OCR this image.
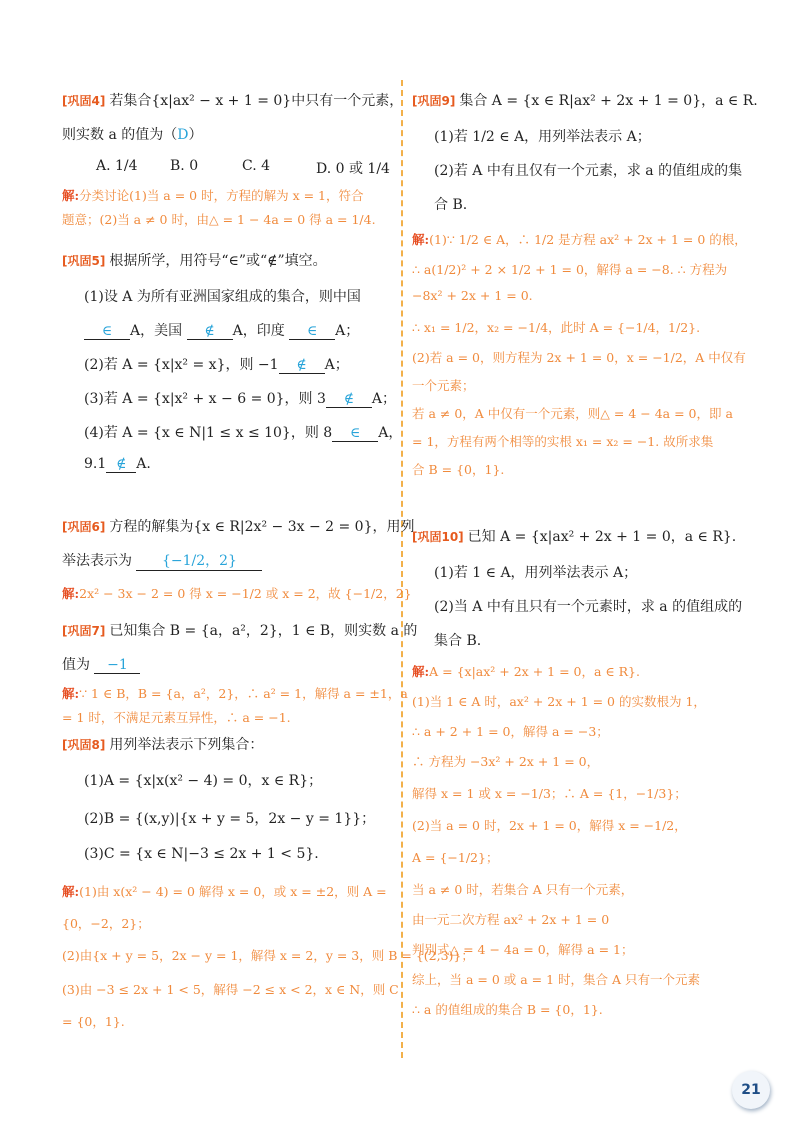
[巩固4] 若集合{x|ax² − x + 1 = 0}中只有一个元素，
则实数 a 的值为（D）
A. 1/4 B. 0	C. 4	D. 0 或 1/4
解:分类讨论(1)当 a = 0 时，方程的解为 x = 1，符合
题意；(2)当 a ≠ 0 时，由△ = 1 − 4a = 0 得 a = 1/4.
[巩固5] 根据所学，用符号“∈”或“∉”填空。
(1)设 A 为所有亚洲国家组成的集合，则中国
∈ A，美国 ∉ A，印度 ∈ A；
(2)若 A = {x|x² = x}，则 −1 ∉ A；
(3)若 A = {x|x² + x − 6 = 0}，则 3 ∉ A；
(4)若 A = {x ∈ N|1 ≤ x ≤ 10}，则 8 ∈ A，
9.1 ∉ A.
[巩固6] 方程的解集为{x ∈ R|2x² − 3x − 2 = 0}，用列
举法表示为 {−1/2，2}
解:2x² − 3x − 2 = 0 得 x = −1/2 或 x = 2，故 {−1/2，2}
[巩固7] 已知集合 B = {a，a²，2}，1 ∈ B，则实数 a 的
值为 −1
解:∵ 1 ∈ B，B = {a，a²，2}，∴ a² = 1，解得 a = ±1，a
= 1 时，不满足元素互异性，∴ a = −1.
[巩固8] 用列举法表示下列集合：
(1)A = {x|x(x² − 4) = 0，x ∈ R}；
(2)B = {(x,y)|{x + y = 5，2x − y = 1}}；
(3)C = {x ∈ N|−3 ≤ 2x + 1 < 5}.
解:(1)由 x(x² − 4) = 0 解得 x = 0，或 x = ±2，则 A =
{0，−2，2}；
(2)由{x + y = 5，2x − y = 1，解得 x = 2，y = 3，则 B = {(2,3)}；
(3)由 −3 ≤ 2x + 1 < 5，解得 −2 ≤ x < 2，x ∈ N，则 C
= {0，1}.
[巩固9] 集合 A = {x ∈ R|ax² + 2x + 1 = 0}，a ∈ R.
(1)若 1/2 ∈ A，用列举法表示 A；
(2)若 A 中有且仅有一个元素，求 a 的值组成的集
合 B.
解:(1)∵ 1/2 ∈ A，∴ 1/2 是方程 ax² + 2x + 1 = 0 的根，
∴ a(1/2)² + 2 × 1/2 + 1 = 0，解得 a = −8. ∴ 方程为
−8x² + 2x + 1 = 0.
∴ x₁ = 1/2，x₂ = −1/4，此时 A = {−1/4，1/2}.
(2)若 a = 0，则方程为 2x + 1 = 0，x = −1/2，A 中仅有
一个元素；
若 a ≠ 0，A 中仅有一个元素，则△ = 4 − 4a = 0，即 a
= 1，方程有两个相等的实根 x₁ = x₂ = −1. 故所求集
合 B = {0，1}.
[巩固10] 已知 A = {x|ax² + 2x + 1 = 0，a ∈ R}.
(1)若 1 ∈ A，用列举法表示 A；
(2)当 A 中有且只有一个元素时，求 a 的值组成的
集合 B.
解:A = {x|ax² + 2x + 1 = 0，a ∈ R}.
(1)当 1 ∈ A 时，ax² + 2x + 1 = 0 的实数根为 1，
∴ a + 2 + 1 = 0，解得 a = −3；
∴ 方程为 −3x² + 2x + 1 = 0，
解得 x = 1 或 x = −1/3；∴ A = {1，−1/3}；
(2)当 a = 0 时，2x + 1 = 0，解得 x = −1/2，
A = {−1/2}；
当 a ≠ 0 时，若集合 A 只有一个元素，
由一元二次方程 ax² + 2x + 1 = 0
判别式△ = 4 − 4a = 0，解得 a = 1；
综上，当 a = 0 或 a = 1 时，集合 A 只有一个元素
∴ a 的值组成的集合 B = {0，1}.
21
